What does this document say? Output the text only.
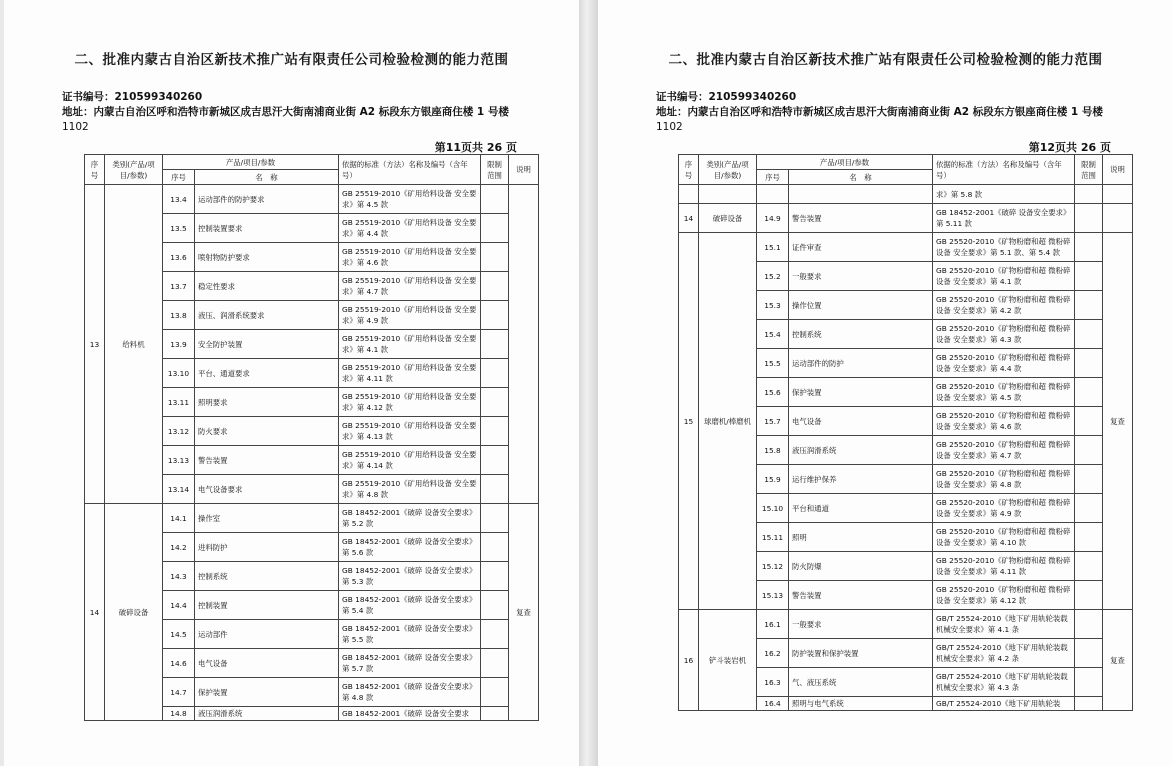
二、批准内蒙古自治区新技术推广站有限责任公司检验检测的能力范围
证书编号：210599340260
地址：内蒙古自治区呼和浩特市新城区成吉思汗大街南浦商业街 A2 标段东方银座商住楼 1 号楼
1102
第11页共 26 页
序号	类别(产品/项目/参数)	产品/项目/参数		依据的标准（方法）名称及编号（含年号）	限制范围	说明
		序号	名　称			
13	给料机	13.4	运动部件的防护要求	GB 25519-2010《矿用给料设备 安全要求》第 4.5 款		
		13.5	控制装置要求	GB 25519-2010《矿用给料设备 安全要求》第 4.4 款		
		13.6	喷射物防护要求	GB 25519-2010《矿用给料设备 安全要求》第 4.6 款		
		13.7	稳定性要求	GB 25519-2010《矿用给料设备 安全要求》第 4.7 款		
		13.8	液压、润滑系统要求	GB 25519-2010《矿用给料设备 安全要求》第 4.9 款		
		13.9	安全防护装置	GB 25519-2010《矿用给料设备 安全要求》第 4.1 款		
		13.10	平台、通道要求	GB 25519-2010《矿用给料设备 安全要求》第 4.11 款		
		13.11	照明要求	GB 25519-2010《矿用给料设备 安全要求》第 4.12 款		
		13.12	防火要求	GB 25519-2010《矿用给料设备 安全要求》第 4.13 款		
		13.13	警告装置	GB 25519-2010《矿用给料设备 安全要求》第 4.14 款		
		13.14	电气设备要求	GB 25519-2010《矿用给料设备 安全要求》第 4.8 款		
14	破碎设备	14.1	操作室	GB 18452-2001《破碎 设备安全要求》第 5.2 款		复查
		14.2	进料防护	GB 18452-2001《破碎 设备安全要求》第 5.6 款		
		14.3	控制系统	GB 18452-2001《破碎 设备安全要求》第 5.3 款		
		14.4	控制装置	GB 18452-2001《破碎 设备安全要求》第 5.4 款		
		14.5	运动部件	GB 18452-2001《破碎 设备安全要求》第 5.5 款		
		14.6	电气设备	GB 18452-2001《破碎 设备安全要求》第 5.7 款		
		14.7	保护装置	GB 18452-2001《破碎 设备安全要求》第 4.8 款		
		14.8	液压润滑系统	GB 18452-2001《破碎 设备安全要求		
二、批准内蒙古自治区新技术推广站有限责任公司检验检测的能力范围
证书编号：210599340260
地址：内蒙古自治区呼和浩特市新城区成吉思汗大街南浦商业街 A2 标段东方银座商住楼 1 号楼
1102
第12页共 26 页
序号	类别(产品/项目/参数)	产品/项目/参数		依据的标准（方法）名称及编号（含年号）	限制范围	说明
		序号	名　称			
				求》第 5.8 款		
14	破碎设备	14.9	警告装置	GB 18452-2001《破碎 设备安全要求》第 5.11 款		
15	球磨机/棒磨机	15.1	证件审查	GB 25520-2010《矿物粉磨和超 微粉碎设备 安全要求》第 5.1 款、第 5.4 款		复查
		15.2	一般要求	GB 25520-2010《矿物粉磨和超 微粉碎设备 安全要求》第 4.1 款		
		15.3	操作位置	GB 25520-2010《矿物粉磨和超 微粉碎设备 安全要求》第 4.2 款		
		15.4	控制系统	GB 25520-2010《矿物粉磨和超 微粉碎设备 安全要求》第 4.3 款		
		15.5	运动部件的防护	GB 25520-2010《矿物粉磨和超 微粉碎设备 安全要求》第 4.4 款		
		15.6	保护装置	GB 25520-2010《矿物粉磨和超 微粉碎设备 安全要求》第 4.5 款		
		15.7	电气设备	GB 25520-2010《矿物粉磨和超 微粉碎设备 安全要求》第 4.6 款		
		15.8	液压润滑系统	GB 25520-2010《矿物粉磨和超 微粉碎设备 安全要求》第 4.7 款		
		15.9	运行维护保养	GB 25520-2010《矿物粉磨和超 微粉碎设备 安全要求》第 4.8 款		
		15.10	平台和通道	GB 25520-2010《矿物粉磨和超 微粉碎设备 安全要求》第 4.9 款		
		15.11	照明	GB 25520-2010《矿物粉磨和超 微粉碎设备 安全要求》第 4.10 款		
		15.12	防火防爆	GB 25520-2010《矿物粉磨和超 微粉碎设备 安全要求》第 4.11 款		
		15.13	警告装置	GB 25520-2010《矿物粉磨和超 微粉碎设备 安全要求》第 4.12 款		
16	铲斗装岩机	16.1	一般要求	GB/T 25524-2010《地下矿用轨轮装载机械安全要求》第 4.1 条		复查
		16.2	防护装置和保护装置	GB/T 25524-2010《地下矿用轨轮装载机械安全要求》第 4.2 条		
		16.3	气、液压系统	GB/T 25524-2010《地下矿用轨轮装载机械安全要求》第 4.3 条		
		16.4	照明与电气系统	GB/T 25524-2010《地下矿用轨轮装		
